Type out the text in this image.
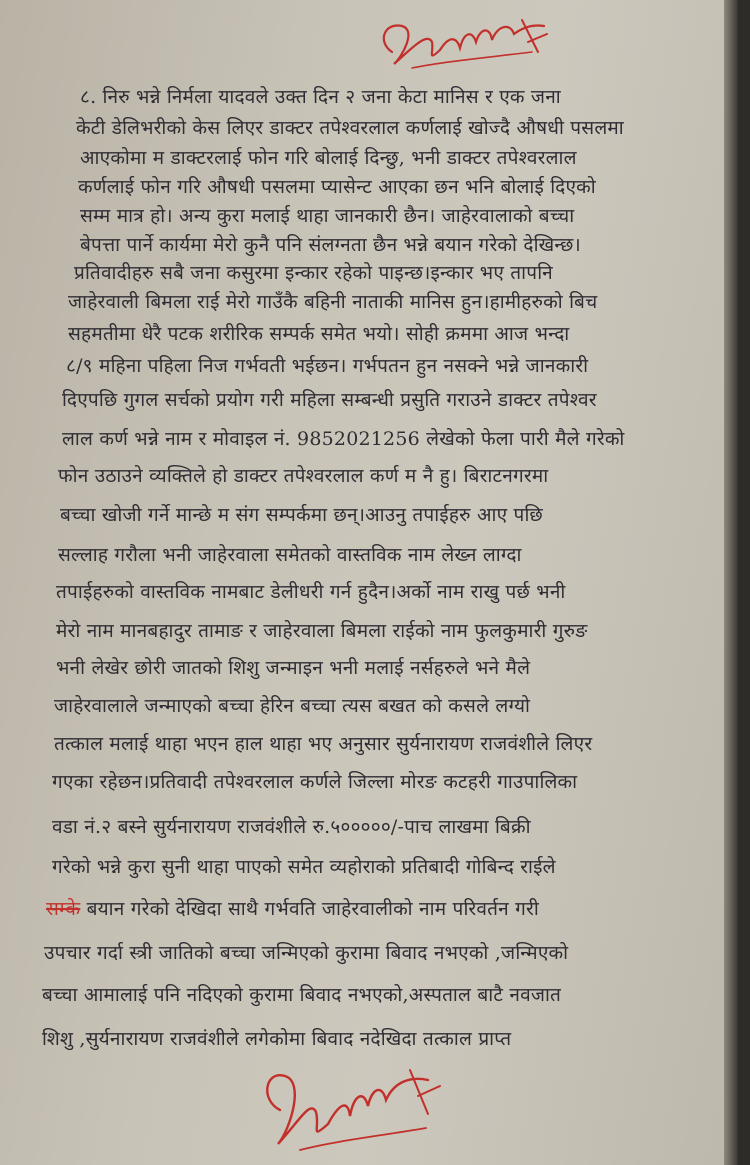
८. निरु भन्ने निर्मला यादवले उक्त दिन २ जना केटा मानिस र एक जना
केटी डेलिभरीको केस लिएर डाक्टर तपेश्वरलाल कर्णलाई खोज्दै औषधी पसलमा
आएकोमा म डाक्टरलाई फोन गरि बोलाई दिन्छु, भनी डाक्टर तपेश्वरलाल
कर्णलाई फोन गरि औषधी पसलमा प्यासेन्ट आएका छन भनि बोलाई दिएको
सम्म मात्र हो। अन्य कुरा मलाई थाहा जानकारी छैन। जाहेरवालाको बच्चा
बेपत्ता पार्ने कार्यमा मेरो कुनै पनि संलग्नता छैन भन्ने बयान गरेको देखिन्छ।
प्रतिवादीहरु सबै जना कसुरमा इन्कार रहेको पाइन्छ।इन्कार भए तापनि
जाहेरवाली बिमला राई मेरो गाउँकै बहिनी नाताकी मानिस हुन।हामीहरुको बिच
सहमतीमा धेरै पटक शरीरिक सम्पर्क समेत भयो। सोही क्रममा आज भन्दा
८/९ महिना पहिला निज गर्भवती भईछन। गर्भपतन हुन नसक्ने भन्ने जानकारी
दिएपछि गुगल सर्चको प्रयोग गरी महिला सम्बन्धी प्रसुति गराउने डाक्टर तपेश्वर
लाल कर्ण भन्ने नाम र मोवाइल नं. 9852021256 लेखेको फेला पारी मैले गरेको
फोन उठाउने व्यक्तिले हो डाक्टर तपेश्वरलाल कर्ण म नै हु। बिराटनगरमा
बच्चा खोजी गर्ने मान्छे म संग सम्पर्कमा छन्।आउनु तपाईहरु आए पछि
सल्लाह गरौला भनी जाहेरवाला समेतको वास्तविक नाम लेख्न लाग्दा
तपाईहरुको वास्तविक नामबाट डेलीधरी गर्न हुदैन।अर्को नाम राखु पर्छ भनी
मेरो नाम मानबहादुर तामाङ र जाहेरवाला बिमला राईको नाम फुलकुमारी गुरुङ
भनी लेखेर छोरी जातको शिशु जन्माइन भनी मलाई नर्सहरुले भने मैले
जाहेरवालाले जन्माएको बच्चा हेरिन बच्चा त्यस बखत को कसले लग्यो
तत्काल मलाई थाहा भएन हाल थाहा भए अनुसार सुर्यनारायण राजवंशीले लिएर
गएका रहेछन।प्रतिवादी तपेश्वरलाल कर्णले जिल्ला मोरङ कटहरी गाउपालिका
वडा नं.२ बस्ने सुर्यनारायण राजवंशीले रु.५०००००/-पाच लाखमा बिक्री
गरेको भन्ने कुरा सुनी थाहा पाएको समेत व्यहोराको प्रतिबादी गोबिन्द राईले
सम्के बयान गरेको देखिदा साथै गर्भवति जाहेरवालीको नाम परिवर्तन गरी
उपचार गर्दा स्त्री जातिको बच्चा जन्मिएको कुरामा बिवाद नभएको ,जन्मिएको
बच्चा आमालाई पनि नदिएको कुरामा बिवाद नभएको,अस्पताल बाटै नवजात
शिशु ,सुर्यनारायण राजवंशीले लगेकोमा बिवाद नदेखिदा तत्काल प्राप्त
